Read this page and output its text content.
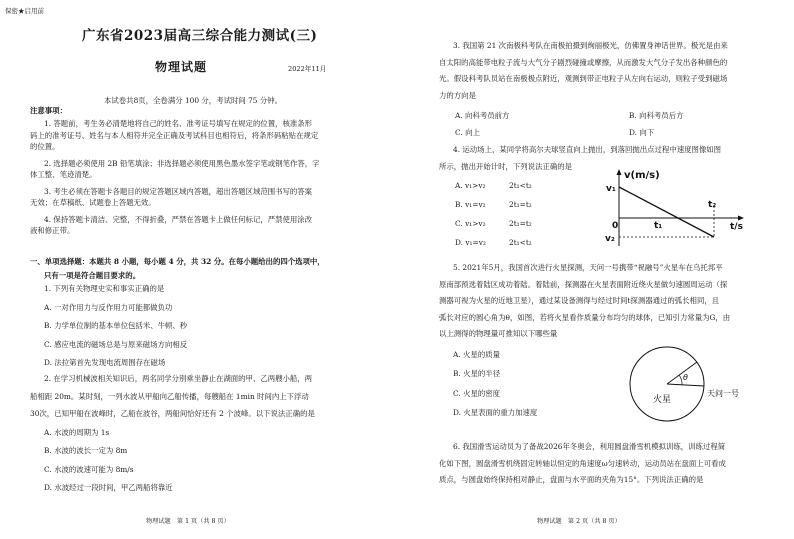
保密★启用前

广东省2023届高三综合能力测试(三)

物理试题	2022年11月

本试卷共8页，全卷满分 100 分，考试时间 75 分钟。

注意事项：

1. 答题前，考生务必清楚地将自己的姓名、准考证号填写在规定的位置，核准条形

码上的准考证号、姓名与本人相符并完全正确及考试科目也相符后，将条形码粘贴在规定

的位置。

2. 选择题必须使用 2B 铅笔填涂；非选择题必须使用黑色墨水签字笔或钢笔作答，字

体工整、笔迹清楚。

3. 考生必须在答题卡各题目的规定答题区域内答题，超出答题区域范围书写的答案

无效；在草稿纸、试题卷上答题无效。

4. 保持答题卡清洁、完整，不得折叠，严禁在答题卡上做任何标记，严禁使用涂改

液和修正带。

一、单项选择题：本题共 8 小题，每小题 4 分，共 32 分。在每小题给出的四个选项中，

只有一项是符合题目要求的。

1. 下列有关物理史实和事实正确的是

A. 一对作用力与反作用力可能都做负功

B. 力学单位制的基本单位包括米、牛顿、秒

C. 感应电流的磁场总是与原来磁场方向相反

D. 法拉第首先发现电流周围存在磁场

2. 在学习机械波相关知识后，两名同学分别乘坐静止在湖面的甲、乙两艘小船，两

船相距 20m。某时刻，一列水波从甲船向乙船传播，每艘船在 1min 时间内上下浮动

30次，已知甲船在波峰时，乙船在波谷，两船间恰好还有 2 个波峰。以下说法正确的是

A. 水波的周期为 1s

B. 水波的波长一定为 8m

C. 水波的波速可能为 8m/s

D. 水波经过一段时间，甲乙两船将靠近

物理试题　第 1 页（共 8 页）

3. 我国第 21 次南极科考队在南极拍摄到绚丽极光，仿佛置身神话世界。极光是由来

自太阳的高能带电粒子流与大气分子剧烈碰撞或摩擦，从而激发大气分子发出各种颜色的

光。假设科考队员站在南极极点附近，观测到带正电粒子从左向右运动，则粒子受到磁场

力的方向是

A. 向科考员前方	B. 向科考员后方
C. 向上	D. 向下

4. 运动场上，某同学将高尔夫球竖直向上抛出，到落回抛出点过程中速度图像如图

所示，抛出开始计时，下列说法正确的是

A. v₁>v₂	2t₁<t₂
B. v₁=v₂	2t₁=t₂
C. v₁>v₂	2t₁=t₂
D. v₁=v₂	2t₁<t₂
v(m/s)
v₁
0	t₁
t₂
t/s
v₂

5. 2021年5月，我国首次进行火星探测，天问一号携带“祝融号”火星车在乌托邦平

原南部预选着陆区成功着陆。着陆前，探测器在火星表面附近绕火星做匀速圆周运动（探

测器可视为火星的近地卫星），通过某设备测得与经过时间t探测器通过的弧长相同，且

弧长对应的圆心角为θ，如图，若将火星看作质量分布均匀的球体，已知引力常量为G，由

以上测得的物理量可推知以下哪些量

A. 火星的质量

B. 火星的半径

C. 火星的密度

D. 火星表面的重力加速度

θ
火星
天问一号

6. 我国滑雪运动员为了备战2026年冬奥会，利用圆盘滑雪机模拟训练，训练过程简

化如下图，圆盘滑雪机绕固定转轴以恒定的角速度ω匀速转动，运动员站在盘面上可看成

质点，与圆盘始终保持相对静止，盘面与水平面的夹角为15°。下列说法正确的是

物理试题　第 2 页（共 8 页）
